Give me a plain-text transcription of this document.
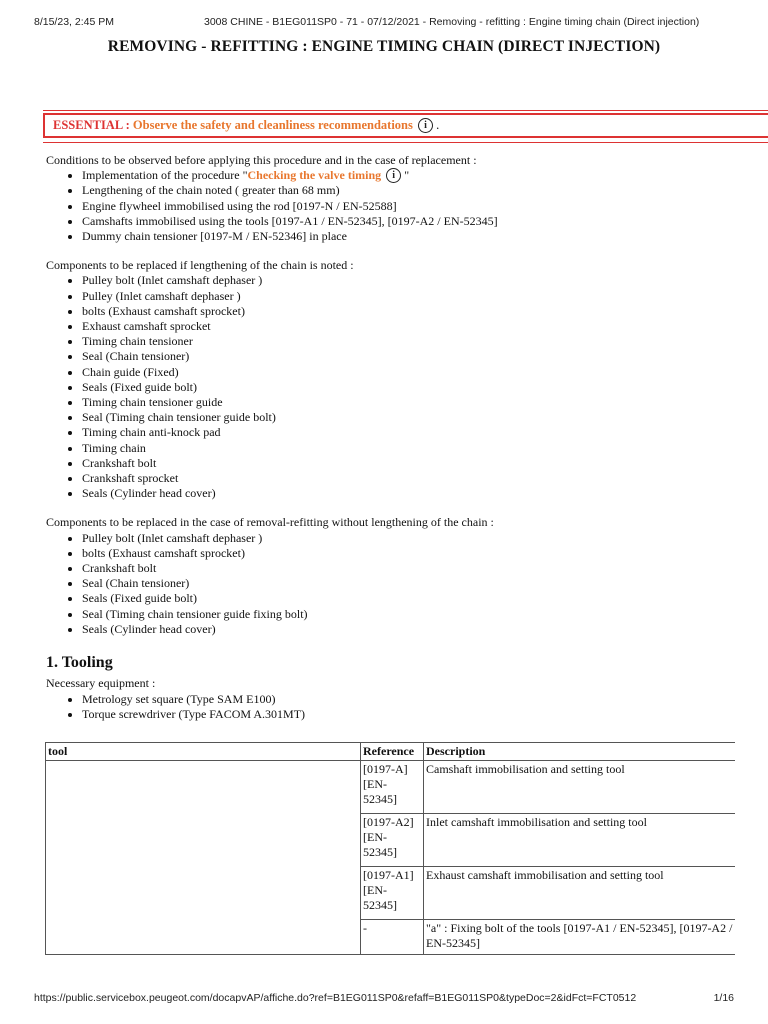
8/15/23, 2:45 PM	3008 CHINE - B1EG011SP0 - 71 - 07/12/2021 - Removing - refitting : Engine timing chain (Direct injection)
REMOVING - REFITTING : ENGINE TIMING CHAIN (DIRECT INJECTION)
ESSENTIAL : Observe the safety and cleanliness recommendations i .

Conditions to be observed before applying this procedure and in the case of replacement :

• Implementation of the procedure "Checking the valve timing i "
• Lengthening of the chain noted ( greater than 68 mm)
• Engine flywheel immobilised using the rod [0197-N / EN-52588]
• Camshafts immobilised using the tools [0197-A1 / EN-52345], [0197-A2 / EN-52345]
• Dummy chain tensioner [0197-M / EN-52346] in place

Components to be replaced if lengthening of the chain is noted :

• Pulley bolt (Inlet camshaft dephaser )
• Pulley (Inlet camshaft dephaser )
• bolts (Exhaust camshaft sprocket)
• Exhaust camshaft sprocket
• Timing chain tensioner
• Seal (Chain tensioner)
• Chain guide (Fixed)
• Seals (Fixed guide bolt)
• Timing chain tensioner guide
• Seal (Timing chain tensioner guide bolt)
• Timing chain anti-knock pad
• Timing chain
• Crankshaft bolt
• Crankshaft sprocket
• Seals (Cylinder head cover)

Components to be replaced in the case of removal-refitting without lengthening of the chain :

• Pulley bolt (Inlet camshaft dephaser )
• bolts (Exhaust camshaft sprocket)
• Crankshaft bolt
• Seal (Chain tensioner)
• Seals (Fixed guide bolt)
• Seal (Timing chain tensioner guide fixing bolt)
• Seals (Cylinder head cover)
1. Tooling

Necessary equipment :

• Metrology set square (Type SAM E100)
• Torque screwdriver (Type FACOM A.301MT)
tool	Reference	Description
	[0197-A] [EN- 52345]	Camshaft immobilisation and setting tool
	[0197-A2] [EN- 52345]	Inlet camshaft immobilisation and setting tool
	[0197-A1] [EN- 52345]	Exhaust camshaft immobilisation and setting tool
	-	"a" : Fixing bolt of the tools [0197-A1 / EN-52345], [0197-A2 / EN-52345]
https://public.servicebox.peugeot.com/docapvAP/affiche.do?ref=B1EG011SP0&refaff=B1EG011SP0&typeDoc=2&idFct=FCT0512	1/16
